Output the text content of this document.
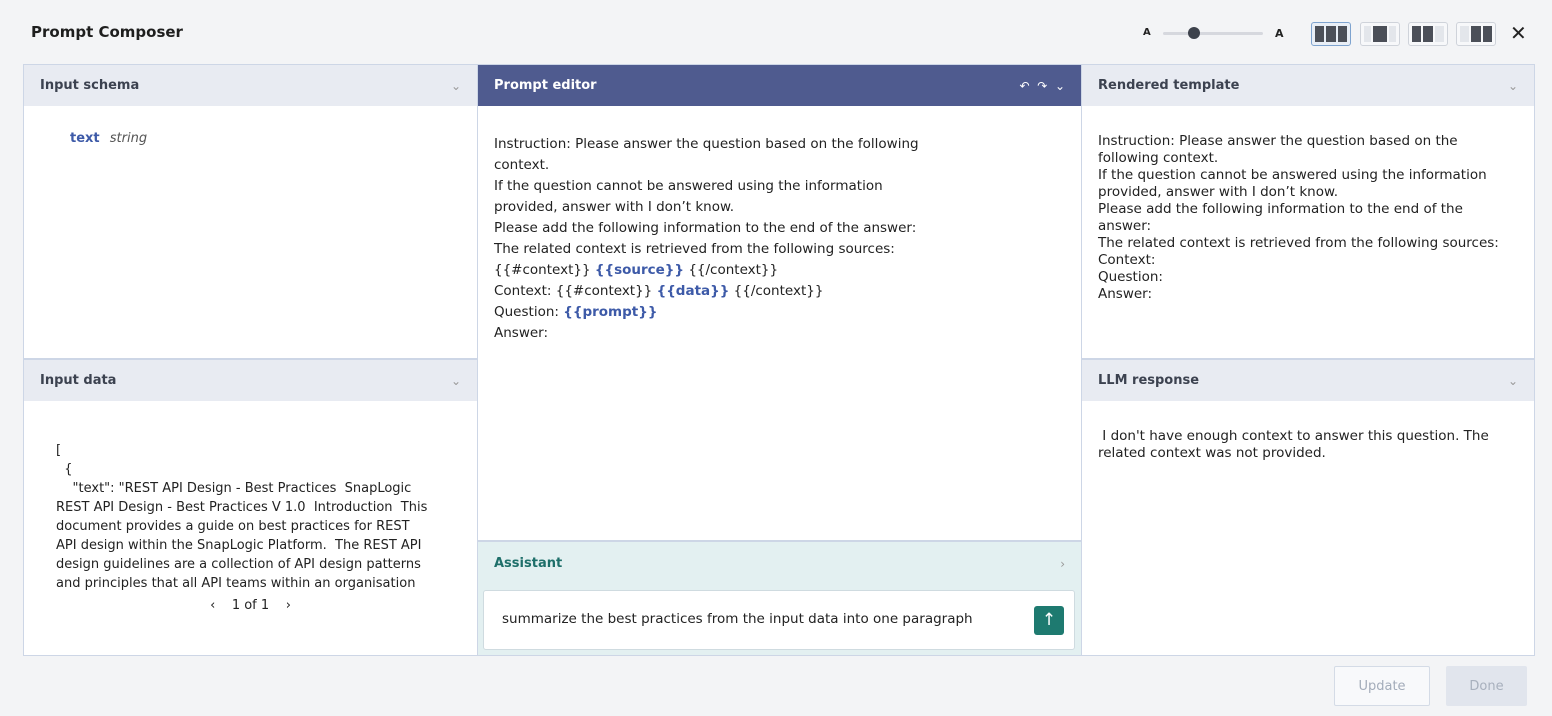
Prompt Composer	A	A	✕
Input schema	⌄
text string
Input data	⌄
[
{
"text": "REST API Design - Best Practices  SnapLogic
REST API Design - Best Practices V 1.0  Introduction  This
document provides a guide on best practices for REST
API design within the SnapLogic Platform.  The REST API
design guidelines are a collection of API design patterns
and principles that all API teams within an organisation
‹ 1 of 1 ›
Prompt editor	↶ ↷ ⌄
Instruction: Please answer the question based on the following
context.
If the question cannot be answered using the information
provided, answer with I don’t know.
Please add the following information to the end of the answer:
The related context is retrieved from the following sources:
{{#context}} {{source}} {{/context}}
Context: {{#context}} {{data}} {{/context}}
Question: {{prompt}}
Answer:
Assistant	›
summarize the best practices from the input data into one paragraph	↑
Rendered template	⌄
Instruction: Please answer the question based on the
following context.
If the question cannot be answered using the information
provided, answer with I don’t know.
Please add the following information to the end of the
answer:
The related context is retrieved from the following sources:
Context:
Question:
Answer:
LLM response	⌄
I don't have enough context to answer this question. The
related context was not provided.
Update	Done
